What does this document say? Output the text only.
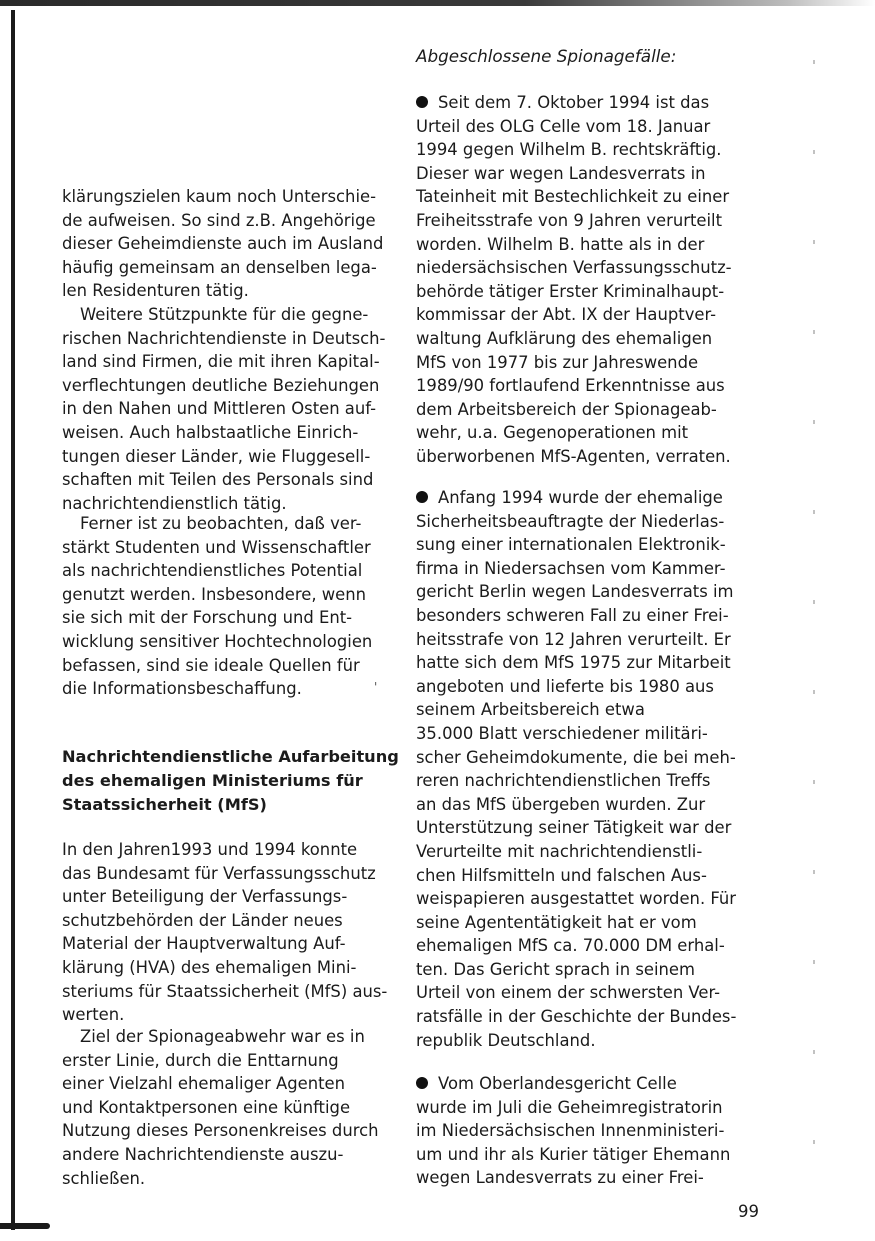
Abgeschlossene Spionagefälle:
klärungszielen kaum noch Unterschie-
de aufweisen. So sind z.B. Angehörige
dieser Geheimdienste auch im Ausland
häufig gemeinsam an denselben lega-
len Residenturen tätig.
Weitere Stützpunkte für die gegne-
rischen Nachrichtendienste in Deutsch-
land sind Firmen, die mit ihren Kapital-
verflechtungen deutliche Beziehungen
in den Nahen und Mittleren Osten auf-
weisen. Auch halbstaatliche Einrich-
tungen dieser Länder, wie Fluggesell-
schaften mit Teilen des Personals sind
nachrichtendienstlich tätig.
Ferner ist zu beobachten, daß ver-
stärkt Studenten und Wissenschaftler
als nachrichtendienstliches Potential
genutzt werden. Insbesondere, wenn
sie sich mit der Forschung und Ent-
wicklung sensitiver Hochtechnologien
befassen, sind sie ideale Quellen für
die Informationsbeschaffung.	'
Nachrichtendienstliche Aufarbeitung
des ehemaligen Ministeriums für
Staatssicherheit (MfS)
In den Jahren1993 und 1994 konnte
das Bundesamt für Verfassungsschutz
unter Beteiligung der Verfassungs-
schutzbehörden der Länder neues
Material der Hauptverwaltung Auf-
klärung (HVA) des ehemaligen Mini-
steriums für Staatssicherheit (MfS) aus-
werten.
Ziel der Spionageabwehr war es in
erster Linie, durch die Enttarnung
einer Vielzahl ehemaliger Agenten
und Kontaktpersonen eine künftige
Nutzung dieses Personenkreises durch
andere Nachrichtendienste auszu-
schließen.
Seit dem 7. Oktober 1994 ist das
Urteil des OLG Celle vom 18. Januar
1994 gegen Wilhelm B. rechtskräftig.
Dieser war wegen Landesverrats in
Tateinheit mit Bestechlichkeit zu einer
Freiheitsstrafe von 9 Jahren verurteilt
worden. Wilhelm B. hatte als in der
niedersächsischen Verfassungsschutz-
behörde tätiger Erster Kriminalhaupt-
kommissar der Abt. IX der Hauptver-
waltung Aufklärung des ehemaligen
MfS von 1977 bis zur Jahreswende
1989/90 fortlaufend Erkenntnisse aus
dem Arbeitsbereich der Spionageab-
wehr, u.a. Gegenoperationen mit
überworbenen MfS-Agenten, verraten.
Anfang 1994 wurde der ehemalige
Sicherheitsbeauftragte der Niederlas-
sung einer internationalen Elektronik-
firma in Niedersachsen vom Kammer-
gericht Berlin wegen Landesverrats im
besonders schweren Fall zu einer Frei-
heitsstrafe von 12 Jahren verurteilt. Er
hatte sich dem MfS 1975 zur Mitarbeit
angeboten und lieferte bis 1980 aus
seinem Arbeitsbereich etwa
35.000 Blatt verschiedener militäri-
scher Geheimdokumente, die bei meh-
reren nachrichtendienstlichen Treffs
an das MfS übergeben wurden. Zur
Unterstützung seiner Tätigkeit war der
Verurteilte mit nachrichtendienstli-
chen Hilfsmitteln und falschen Aus-
weispapieren ausgestattet worden. Für
seine Agententätigkeit hat er vom
ehemaligen MfS ca. 70.000 DM erhal-
ten. Das Gericht sprach in seinem
Urteil von einem der schwersten Ver-
ratsfälle in der Geschichte der Bundes-
republik Deutschland.
Vom Oberlandesgericht Celle
wurde im Juli die Geheimregistratorin
im Niedersächsischen Innenministeri-
um und ihr als Kurier tätiger Ehemann
wegen Landesverrats zu einer Frei-
99
